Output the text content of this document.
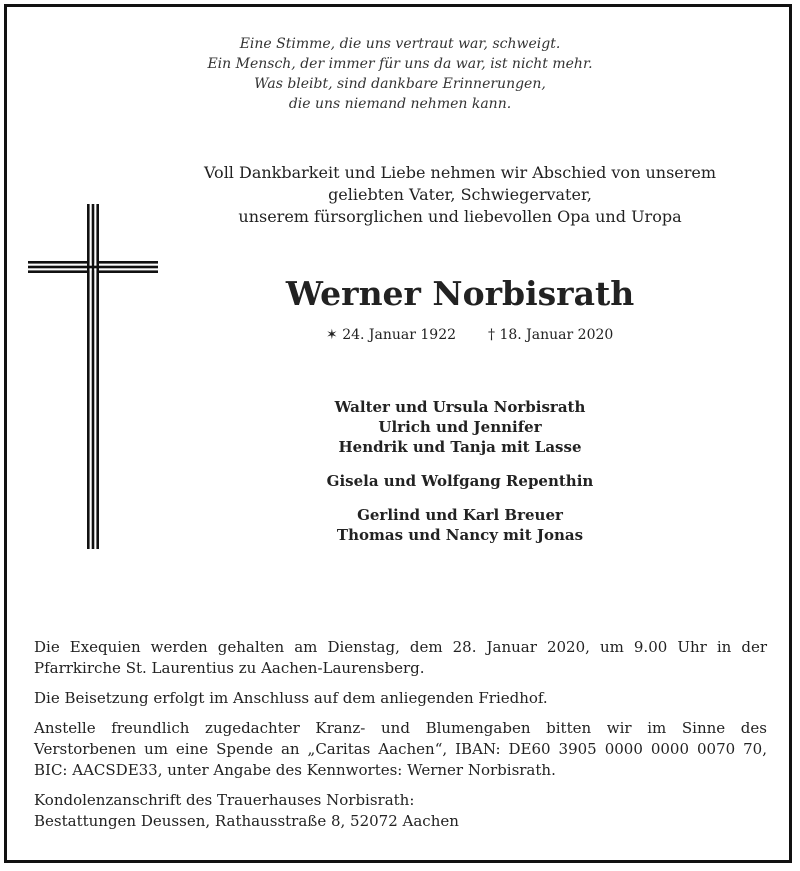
Eine Stimme, die uns vertraut war, schweigt.
Ein Mensch, der immer für uns da war, ist nicht mehr.
Was bleibt, sind dankbare Erinnerungen,
die uns niemand nehmen kann.
Voll Dankbarkeit und Liebe nehmen wir Abschied von unserem
geliebten Vater, Schwiegervater,
unserem fürsorglichen und liebevollen Opa und Uropa
Werner Norbisrath
✶ 24. Januar 1922 † 18. Januar 2020
Walter und Ursula Norbisrath
Ulrich und Jennifer
Hendrik und Tanja mit Lasse
Gisela und Wolfgang Repenthin
Gerlind und Karl Breuer
Thomas und Nancy mit Jonas

Die Exequien werden gehalten am Dienstag, dem 28. Januar 2020, um 9.00 Uhr in der
Pfarrkirche St. Laurentius zu Aachen-Laurensberg.

Die Beisetzung erfolgt im Anschluss auf dem anliegenden Friedhof.

Anstelle freundlich zugedachter Kranz- und Blumengaben bitten wir im Sinne des
Verstorbenen um eine Spende an „Caritas Aachen“, IBAN: DE60 3905 0000 0000 0070 70,
BIC: AACSDE33, unter Angabe des Kennwortes: Werner Norbisrath.

Kondolenzanschrift des Trauerhauses Norbisrath:
Bestattungen Deussen, Rathausstraße 8, 52072 Aachen
